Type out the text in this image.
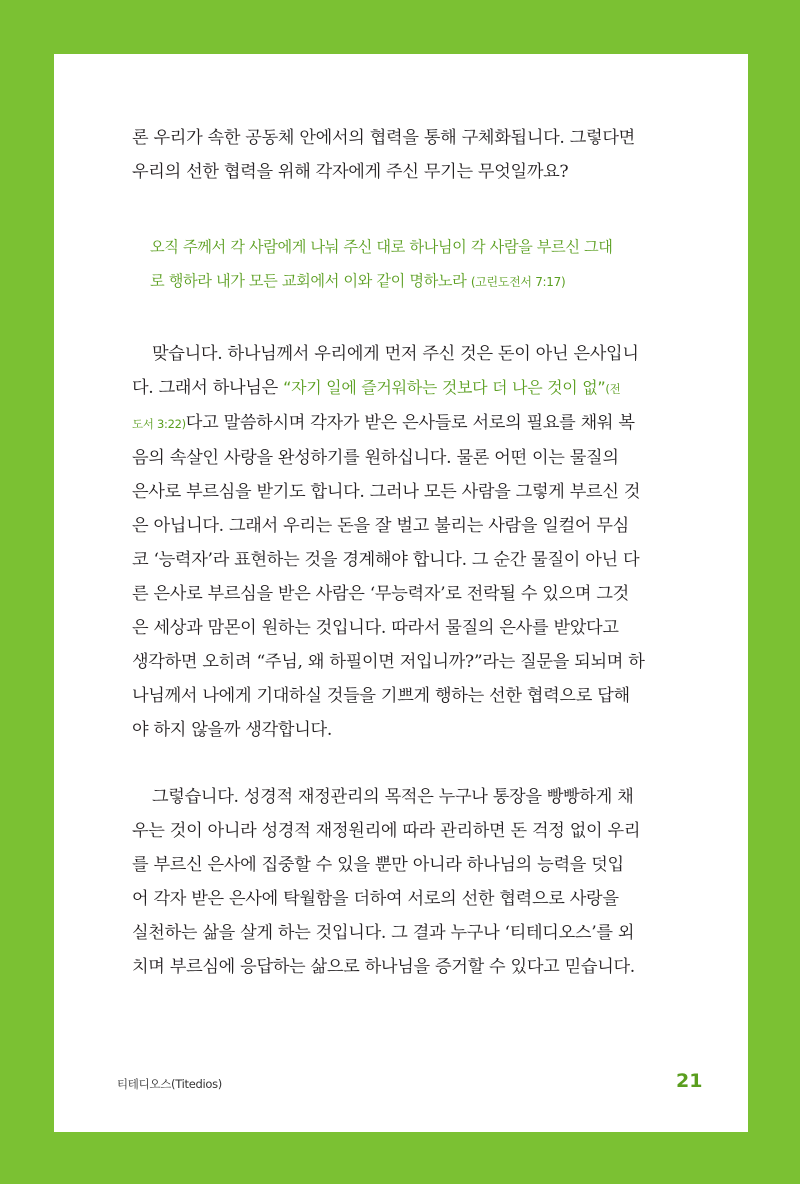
론 우리가 속한 공동체 안에서의 협력을 통해 구체화됩니다. 그렇다면
우리의 선한 협력을 위해 각자에게 주신 무기는 무엇일까요?

오직 주께서 각 사람에게 나눠 주신 대로 하나님이 각 사람을 부르신 그대
로 행하라 내가 모든 교회에서 이와 같이 명하노라 (고린도전서 7:17)

맞습니다. 하나님께서 우리에게 먼저 주신 것은 돈이 아닌 은사입니
다. 그래서 하나님은 “자기 일에 즐거워하는 것보다 더 나은 것이 없”(전
도서 3:22)다고 말씀하시며 각자가 받은 은사들로 서로의 필요를 채워 복
음의 속살인 사랑을 완성하기를 원하십니다. 물론 어떤 이는 물질의
은사로 부르심을 받기도 합니다. 그러나 모든 사람을 그렇게 부르신 것
은 아닙니다. 그래서 우리는 돈을 잘 벌고 불리는 사람을 일컬어 무심
코 ‘능력자’라 표현하는 것을 경계해야 합니다. 그 순간 물질이 아닌 다
른 은사로 부르심을 받은 사람은 ‘무능력자’로 전락될 수 있으며 그것
은 세상과 맘몬이 원하는 것입니다. 따라서 물질의 은사를 받았다고
생각하면 오히려 “주님, 왜 하필이면 저입니까?”라는 질문을 되뇌며 하
나님께서 나에게 기대하실 것들을 기쁘게 행하는 선한 협력으로 답해
야 하지 않을까 생각합니다.

그렇습니다. 성경적 재정관리의 목적은 누구나 통장을 빵빵하게 채
우는 것이 아니라 성경적 재정원리에 따라 관리하면 돈 걱정 없이 우리
를 부르신 은사에 집중할 수 있을 뿐만 아니라 하나님의 능력을 덧입
어 각자 받은 은사에 탁월함을 더하여 서로의 선한 협력으로 사랑을
실천하는 삶을 살게 하는 것입니다. 그 결과 누구나 ‘티테디오스’를 외
치며 부르심에 응답하는 삶으로 하나님을 증거할 수 있다고 믿습니다.

티테디오스(Titedios)	21
